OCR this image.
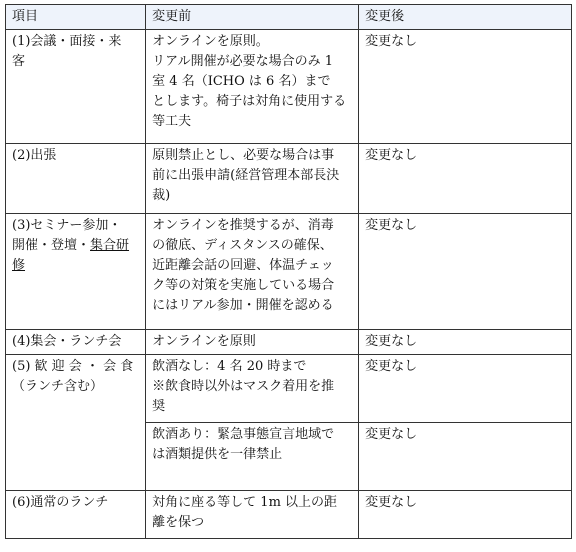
項目	変更前	変更後

(1)会議・面接・来
客	オンラインを原則。
リアル開催が必要な場合のみ 1
室 4 名（ICHO は 6 名）まで
とします。椅子は対角に使用する
等工夫	変更なし

(2)出張	原則禁止とし、必要な場合は事
前に出張申請(経営管理本部長決
裁)	変更なし

(3)セミナー参加・
開催・登壇・集合研
修	オンラインを推奨するが、消毒
の徹底、ディスタンスの確保、
近距離会話の回避、体温チェッ
ク等の対策を実施している場合
にはリアル参加・開催を認める	変更なし

(4)集会・ランチ会	オンラインを原則	変更なし

(5) 歓 迎 会 ・ 会 食
（ランチ含む）	飲酒なし：4 名 20 時まで
※飲食時以外はマスク着用を推
奨	変更なし

	飲酒あり：緊急事態宣言地域で
は酒類提供を一律禁止	変更なし

(6)通常のランチ	対角に座る等して 1m 以上の距
離を保つ	変更なし
